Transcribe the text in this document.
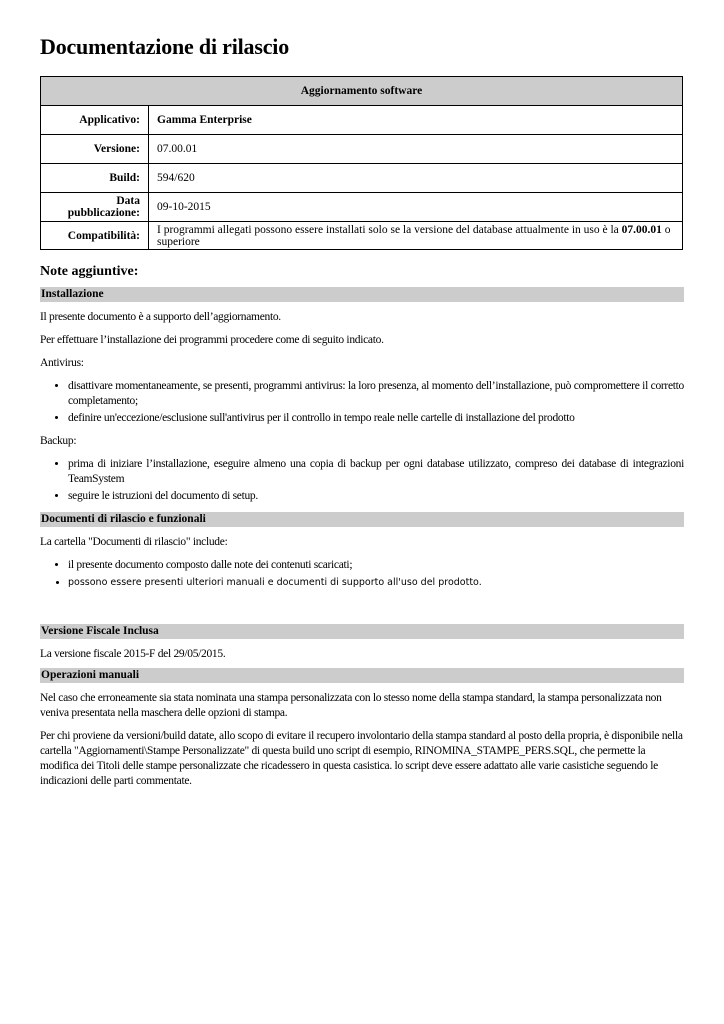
Documentazione di rilascio
Aggiornamento software	
Applicativo:	Gamma Enterprise
Versione:	07.00.01
Build:	594/620
Data pubblicazione:	09-10-2015
Compatibilità:	I programmi allegati possono essere installati solo se la versione del database attualmente in uso è la 07.00.01 o superiore
Note aggiuntive:
Installazione

Il presente documento è a supporto dell’aggiornamento.

Per effettuare l’installazione dei programmi procedere come di seguito indicato.

Antivirus:

• disattivare momentaneamente, se presenti, programmi antivirus: la loro presenza, al momento dell’installazione, può compromettere il corretto completamento;
• definire un'eccezione/esclusione sull'antivirus per il controllo in tempo reale nelle cartelle di installazione del prodotto

Backup:

• prima di iniziare l’installazione, eseguire almeno una copia di backup per ogni database utilizzato, compreso dei database di integrazioni TeamSystem
• seguire le istruzioni del documento di setup.
Documenti di rilascio e funzionali

La cartella "Documenti di rilascio" include:

• il presente documento composto dalle note dei contenuti scaricati;
• possono essere presenti ulteriori manuali e documenti di supporto all'uso del prodotto.
Versione Fiscale Inclusa

La versione fiscale 2015-F del 29/05/2015.

Operazioni manuali

Nel caso che erroneamente sia stata nominata una stampa personalizzata con lo stesso nome della stampa standard, la stampa personalizzata non veniva presentata nella maschera delle opzioni di stampa.

Per chi proviene da versioni/build datate, allo scopo di evitare il recupero involontario della stampa standard al posto della propria, è disponibile nella cartella "Aggiornamenti\Stampe Personalizzate" di questa build uno script di esempio, RINOMINA_STAMPE_PERS.SQL, che permette la modifica dei Titoli delle stampe personalizzate che ricadessero in questa casistica. lo script deve essere adattato alle varie casistiche seguendo le indicazioni delle parti commentate.
